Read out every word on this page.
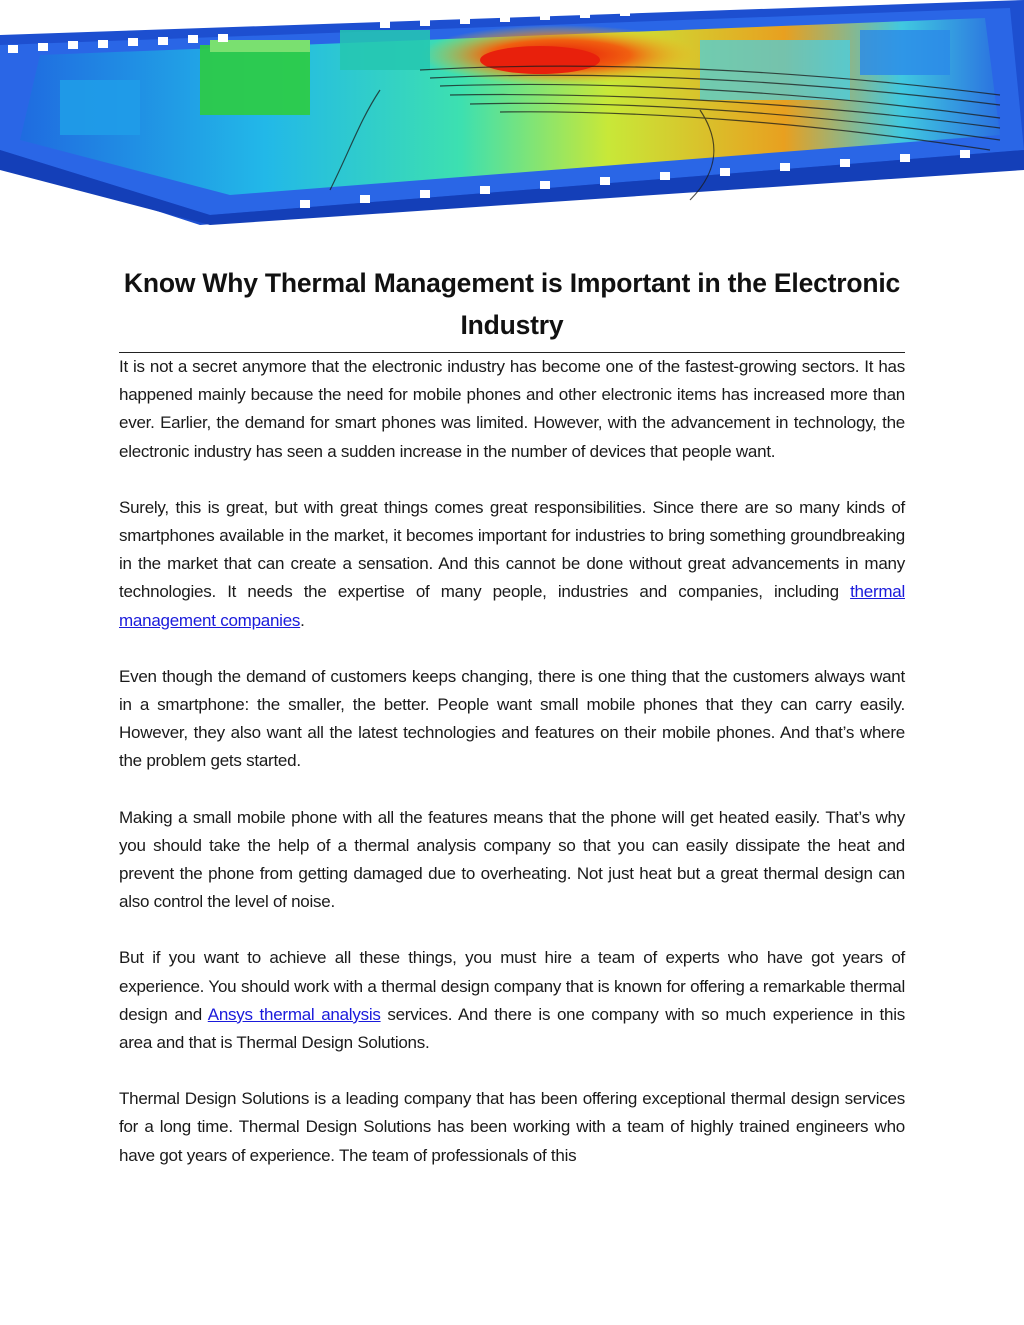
Know Why Thermal Management is Important in the Electronic Industry

It is not a secret anymore that the electronic industry has become one of the fastest-growing sectors. It has happened mainly because the need for mobile phones and other electronic items has increased more than ever. Earlier, the demand for smart phones was limited. However, with the advancement in technology, the electronic industry has seen a sudden increase in the number of devices that people want.

Surely, this is great, but with great things comes great responsibilities. Since there are so many kinds of smartphones available in the market, it becomes important for industries to bring something groundbreaking in the market that can create a sensation. And this cannot be done without great advancements in many technologies. It needs the expertise of many people, industries and companies, including thermal management companies.

Even though the demand of customers keeps changing, there is one thing that the customers always want in a smartphone: the smaller, the better. People want small mobile phones that they can carry easily. However, they also want all the latest technologies and features on their mobile phones. And that’s where the problem gets started.

Making a small mobile phone with all the features means that the phone will get heated easily. That’s why you should take the help of a thermal analysis company so that you can easily dissipate the heat and prevent the phone from getting damaged due to overheating. Not just heat but a great thermal design can also control the level of noise.

But if you want to achieve all these things, you must hire a team of experts who have got years of experience. You should work with a thermal design company that is known for offering a remarkable thermal design and Ansys thermal analysis services. And there is one company with so much experience in this area and that is Thermal Design Solutions.

Thermal Design Solutions is a leading company that has been offering exceptional thermal design services for a long time. Thermal Design Solutions has been working with a team of highly trained engineers who have got years of experience. The team of professionals of this
